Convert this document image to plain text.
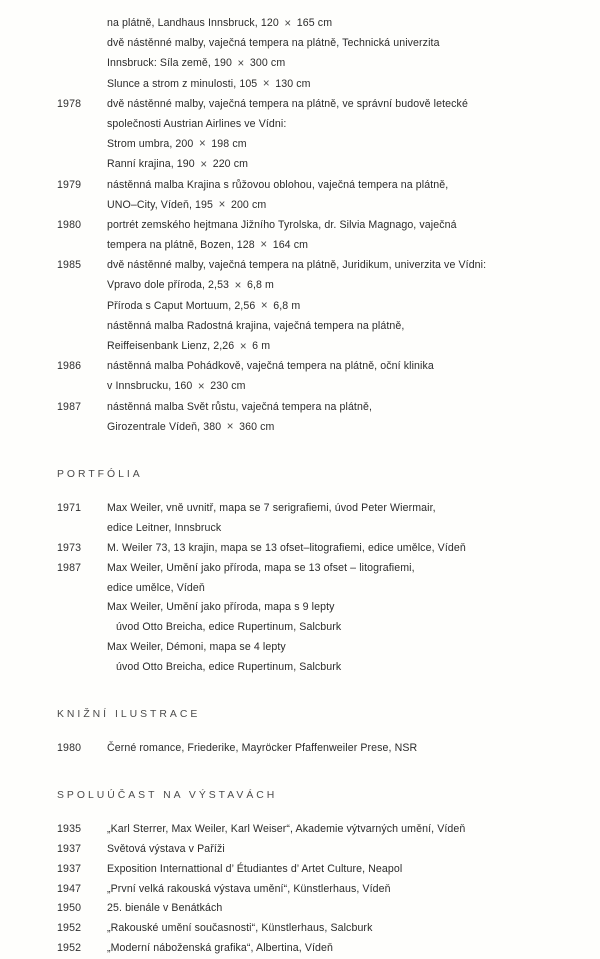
na plátně, Landhaus Innsbruck, 120 × 165 cm
dvě nástěnné malby, vaječná tempera na plátně, Technická univerzita
Innsbruck: Síla země, 190 × 300 cm
Slunce a strom z minulosti, 105 × 130 cm
1978	dvě nástěnné malby, vaječná tempera na plátně, ve správní budově letecké
společnosti Austrian Airlines ve Vídni:
Strom umbra, 200 × 198 cm
Ranní krajina, 190 × 220 cm
1979	nástěnná malba Krajina s růžovou oblohou, vaječná tempera na plátně,
UNO–City, Vídeň, 195 × 200 cm
1980	portrét zemského hejtmana Jižního Tyrolska, dr. Silvia Magnago, vaječná
tempera na plátně, Bozen, 128 × 164 cm
1985	dvě nástěnné malby, vaječná tempera na plátně, Juridikum, univerzita ve Vídni:
Vpravo dole příroda, 2,53 × 6,8 m
Příroda s Caput Mortuum, 2,56 × 6,8 m
nástěnná malba Radostná krajina, vaječná tempera na plátně,
Reiffeisenbank Lienz, 2,26 × 6 m
1986	nástěnná malba Pohádkově, vaječná tempera na plátně, oční klinika
v Innsbrucku, 160 × 230 cm
1987	nástěnná malba Svět růstu, vaječná tempera na plátně,
Girozentrale Vídeň, 380 × 360 cm
PORTFÓLIA
1971	Max Weiler, vně uvnitř, mapa se 7 serigrafiemi, úvod Peter Wiermair,
edice Leitner, Innsbruck
1973	M. Weiler 73, 13 krajin, mapa se 13 ofset–litografiemi, edice umělce, Vídeň
1987	Max Weiler, Umění jako příroda, mapa se 13 ofset – litografiemi,
edice umělce, Vídeň
Max Weiler, Umění jako příroda, mapa s 9 lepty
úvod Otto Breicha, edice Rupertinum, Salcburk
Max Weiler, Démoni, mapa se 4 lepty
úvod Otto Breicha, edice Rupertinum, Salcburk
KNIŽNÍ ILUSTRACE
1980	Černé romance, Friederike, Mayröcker Pfaffenweiler Prese, NSR
SPOLUÚČAST NA VÝSTAVÁCH
1935	„Karl Sterrer, Max Weiler, Karl Weiser“, Akademie výtvarných umění, Vídeň
1937	Světová výstava v Paříži
1937	Exposition Internattional d’ Étudiantes d’ Artet Culture, Neapol
1947	„První velká rakouská výstava umění“, Künstlerhaus, Vídeň
1950	25. bienále v Benátkách
1952	„Rakouské umění současnosti“, Künstlerhaus, Salcburk
1952	„Moderní náboženská grafika“, Albertina, Vídeň
